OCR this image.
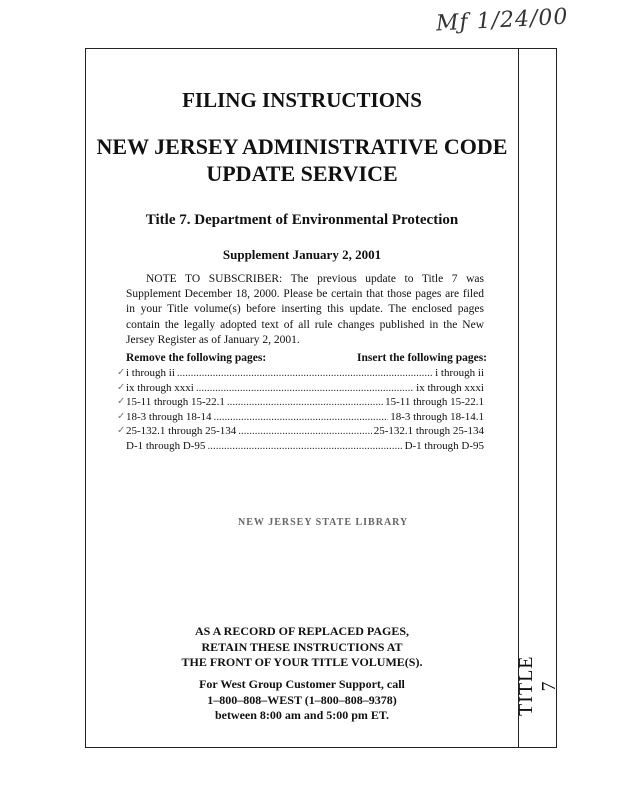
Mƒ 1/24/00
TITLE 7
FILING INSTRUCTIONS
NEW JERSEY ADMINISTRATIVE CODE
UPDATE SERVICE
Title 7. Department of Environmental Protection
Supplement January 2, 2001

NOTE TO SUBSCRIBER: The previous update to Title 7 was Supplement December 18, 2000. Please be certain that those pages are filed in your Title volume(s) before inserting this update. The enclosed pages contain the legally adopted text of all rule changes published in the New Jersey Register as of January 2, 2001.

Remove the following pages:	Insert the following pages:
✓ i through ii .....	i through ii
✓ ix through xxxi .....	ix through xxxi
✓ 15-11 through 15-22.1 .....	15-11 through 15-22.1
✓ 18-3 through 18-14 .....	18-3 through 18-14.1
✓ 25-132.1 through 25-134 .....	25-132.1 through 25-134
D-1 through D-95 .....	D-1 through D-95
NEW JERSEY STATE LIBRARY
AS A RECORD OF REPLACED PAGES,
RETAIN THESE INSTRUCTIONS AT
THE FRONT OF YOUR TITLE VOLUME(S).
For West Group Customer Support, call
1–800–808–WEST (1–800–808–9378)
between 8:00 am and 5:00 pm ET.
